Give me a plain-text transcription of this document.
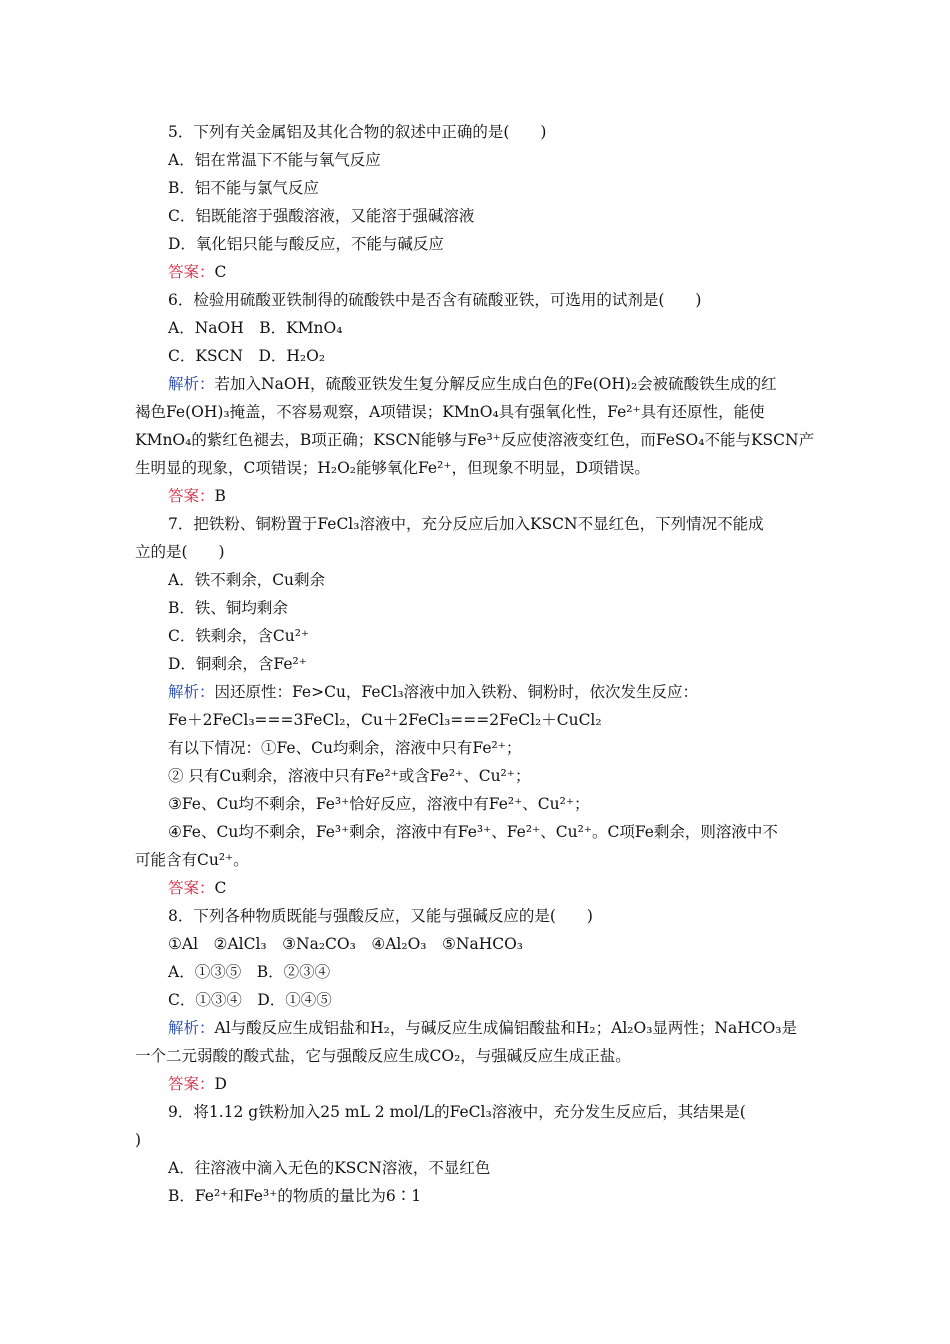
5．下列有关金属铝及其化合物的叙述中正确的是(　　)
A．铝在常温下不能与氧气反应
B．铝不能与氯气反应
C．铝既能溶于强酸溶液，又能溶于强碱溶液
D．氧化铝只能与酸反应，不能与碱反应
答案：C
6．检验用硫酸亚铁制得的硫酸铁中是否含有硫酸亚铁，可选用的试剂是(　　)
A．NaOH　B．KMnO₄
C．KSCN　D．H₂O₂
解析：若加入NaOH，硫酸亚铁发生复分解反应生成白色的Fe(OH)₂会被硫酸铁生成的红
褐色Fe(OH)₃掩盖，不容易观察，A项错误；KMnO₄具有强氧化性，Fe²⁺具有还原性，能使
KMnO₄的紫红色褪去，B项正确；KSCN能够与Fe³⁺反应使溶液变红色，而FeSO₄不能与KSCN产
生明显的现象，C项错误；H₂O₂能够氧化Fe²⁺，但现象不明显，D项错误。
答案：B
7．把铁粉、铜粉置于FeCl₃溶液中，充分反应后加入KSCN不显红色，下列情况不能成
立的是(　　)
A．铁不剩余，Cu剩余
B．铁、铜均剩余
C．铁剩余，含Cu²⁺
D．铜剩余，含Fe²⁺
解析：因还原性：Fe>Cu，FeCl₃溶液中加入铁粉、铜粉时，依次发生反应：
Fe＋2FeCl₃===3FeCl₂，Cu＋2FeCl₃===2FeCl₂＋CuCl₂
有以下情况：①Fe、Cu均剩余，溶液中只有Fe²⁺；
② 只有Cu剩余，溶液中只有Fe²⁺或含Fe²⁺、Cu²⁺；
③Fe、Cu均不剩余，Fe³⁺恰好反应，溶液中有Fe²⁺、Cu²⁺；
④Fe、Cu均不剩余，Fe³⁺剩余，溶液中有Fe³⁺、Fe²⁺、Cu²⁺。C项Fe剩余，则溶液中不
可能含有Cu²⁺。
答案：C
8．下列各种物质既能与强酸反应，又能与强碱反应的是(　　)
①Al　②AlCl₃　③Na₂CO₃　④Al₂O₃　⑤NaHCO₃
A．①③⑤　B．②③④
C．①③④　D．①④⑤
解析：Al与酸反应生成铝盐和H₂，与碱反应生成偏铝酸盐和H₂；Al₂O₃显两性；NaHCO₃是
一个二元弱酸的酸式盐，它与强酸反应生成CO₂，与强碱反应生成正盐。
答案：D
9．将1.12 g铁粉加入25 mL 2 mol/L的FeCl₃溶液中，充分发生反应后，其结果是(
)
A．往溶液中滴入无色的KSCN溶液，不显红色
B．Fe²⁺和Fe³⁺的物质的量比为6∶1
